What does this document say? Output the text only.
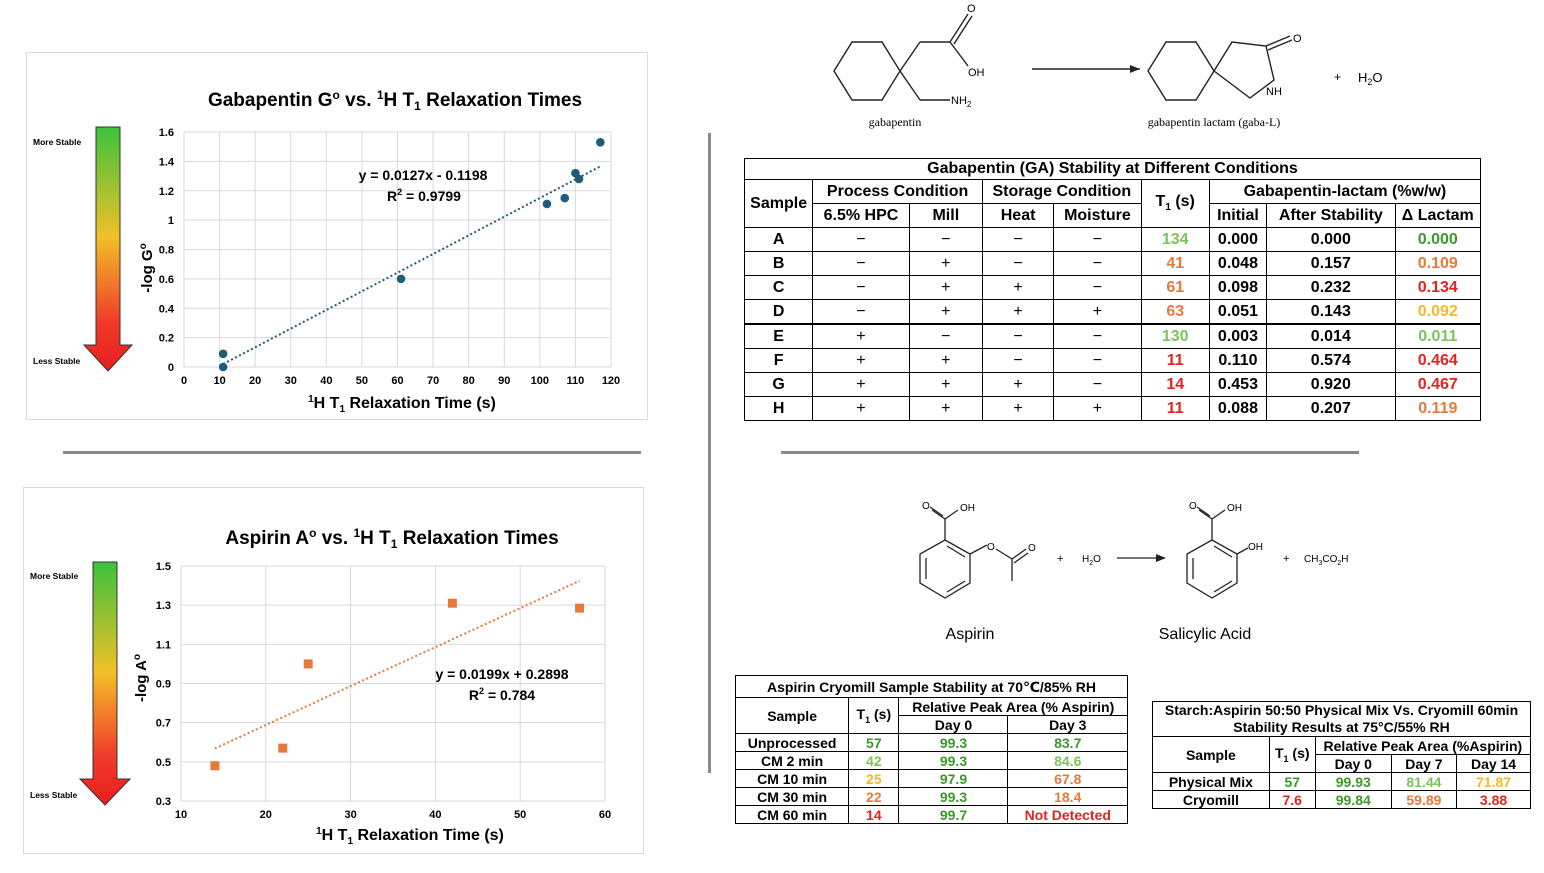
Gabapentin $G^o$ vs. $^1$H $T_1$ Relaxation Times
More Stable
Less Stable
0
0.2
0.4
0.6
0.8
1
1.2
1.4
1.6
0 10 20 30 40 50 60 70 80 90 100 110 120
y = 0.0127x - 0.1198
$R^2 = 0.9799$
-log $G^o$
$^1$H $T_1$ Relaxation Time (s)
Aspirin $A^o$ vs. $^1$H $T_1$ Relaxation Times
More Stable
Less Stable
0.3
0.5
0.7
0.9
1.1
1.3
1.5
10	20	30	40	50	60
y = 0.0199x + 0.2898
$R^2 = 0.784$
-log $A^o$
$^1$H $T_1$ Relaxation Time (s)
O
OH
$NH_2$
O
NH
gabapentin	gabapentin lactam (gaba-L)
+ $H_2O$
Gabapentin (GA) Stability at Different Conditions								
Sample	Process Condition		Storage Condition		$T_1$ (s)	Gabapentin-lactam (%w/w)		
	6.5% HPC	Mill	Heat	Moisture		Initial	After Stability	Δ Lactam
A	−	−	−	−	134	0.000	0.000	0.000
B	−	+	−	−	41	0.048	0.157	0.109
C	−	+	+	−	61	0.098	0.232	0.134
D	−	+	+	+	63	0.051	0.143	0.092
E	+	−	−	−	130	0.003	0.014	0.011
F	+	+	−	−	11	0.110	0.574	0.464
G	+	+	+	−	14	0.453	0.920	0.467
H	+	+	+	+	11	0.088	0.207	0.119
O	OH
O	O
+ $H_2O$
O	OH
OH
+ $CH_3CO_2H$
Aspirin	Salicylic Acid
Aspirin Cryomill Sample Stability at 70℃/85% RH			
Sample	$T_1$ (s)	Relative Peak Area (% Aspirin)	
		Day 0	Day 3
Unprocessed	57	99.3	83.7
CM 2 min	42	99.3	84.6
CM 10 min	25	97.9	67.8
CM 30 min	22	99.3	18.4
CM 60 min	14	99.7	Not Detected
Starch:Aspirin 50:50 Physical Mix Vs. Cryomill 60min
Stability Results at 75°C/55% RH				
Sample	$T_1$ (s)	Relative Peak Area (%Aspirin)		
		Day 0	Day 7	Day 14
Physical Mix	57	99.93	81.44	71.87
Cryomill	7.6	99.84	59.89	3.88
